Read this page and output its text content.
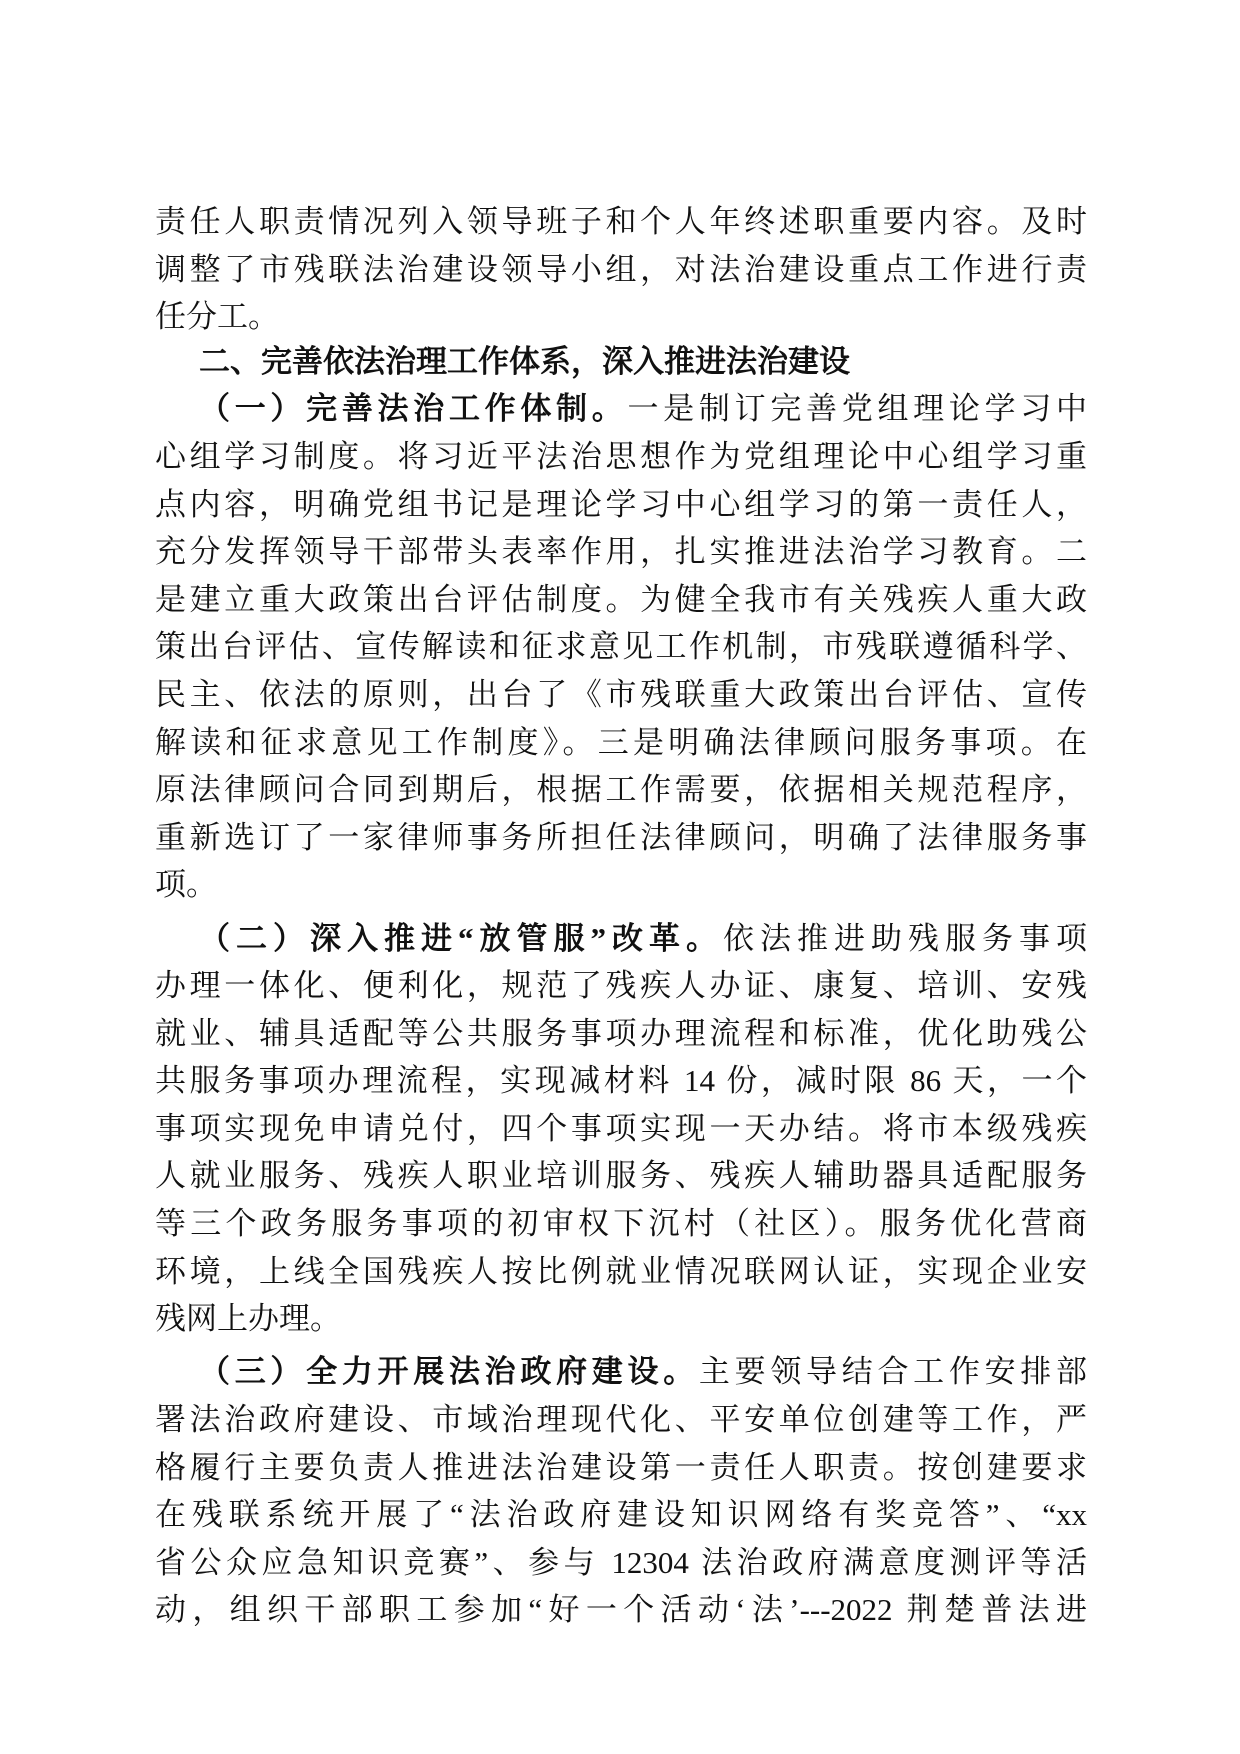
责任人职责情况列入领导班子和个人年终述职重要内容。及时
调整了市残联法治建设领导小组，对法治建设重点工作进行责
任分工。
二、完善依法治理工作体系，深入推进法治建设
（一）完善法治工作体制。一是制订完善党组理论学习中
心组学习制度。将习近平法治思想作为党组理论中心组学习重
点内容，明确党组书记是理论学习中心组学习的第一责任人，
充分发挥领导干部带头表率作用，扎实推进法治学习教育。二
是建立重大政策出台评估制度。为健全我市有关残疾人重大政
策出台评估、宣传解读和征求意见工作机制，市残联遵循科学、
民主、依法的原则，出台了《市残联重大政策出台评估、宣传
解读和征求意见工作制度》。三是明确法律顾问服务事项。在
原法律顾问合同到期后，根据工作需要，依据相关规范程序，
重新选订了一家律师事务所担任法律顾问，明确了法律服务事
项。
（二）深入推进“放管服”改革。依法推进助残服务事项
办理一体化、便利化，规范了残疾人办证、康复、培训、安残
就业、辅具适配等公共服务事项办理流程和标准，优化助残公
共服务事项办理流程，实现减材料 14 份，减时限 86 天，一个
事项实现免申请兑付，四个事项实现一天办结。将市本级残疾
人就业服务、残疾人职业培训服务、残疾人辅助器具适配服务
等三个政务服务事项的初审权下沉村（社区）。服务优化营商
环境，上线全国残疾人按比例就业情况联网认证，实现企业安
残网上办理。
（三）全力开展法治政府建设。主要领导结合工作安排部
署法治政府建设、市域治理现代化、平安单位创建等工作，严
格履行主要负责人推进法治建设第一责任人职责。按创建要求
在残联系统开展了“法治政府建设知识网络有奖竞答”、“xx
省公众应急知识竞赛”、参与 12304 法治政府满意度测评等活
动，组织干部职工参加“好一个活动‘法’---2022 荆楚普法进
